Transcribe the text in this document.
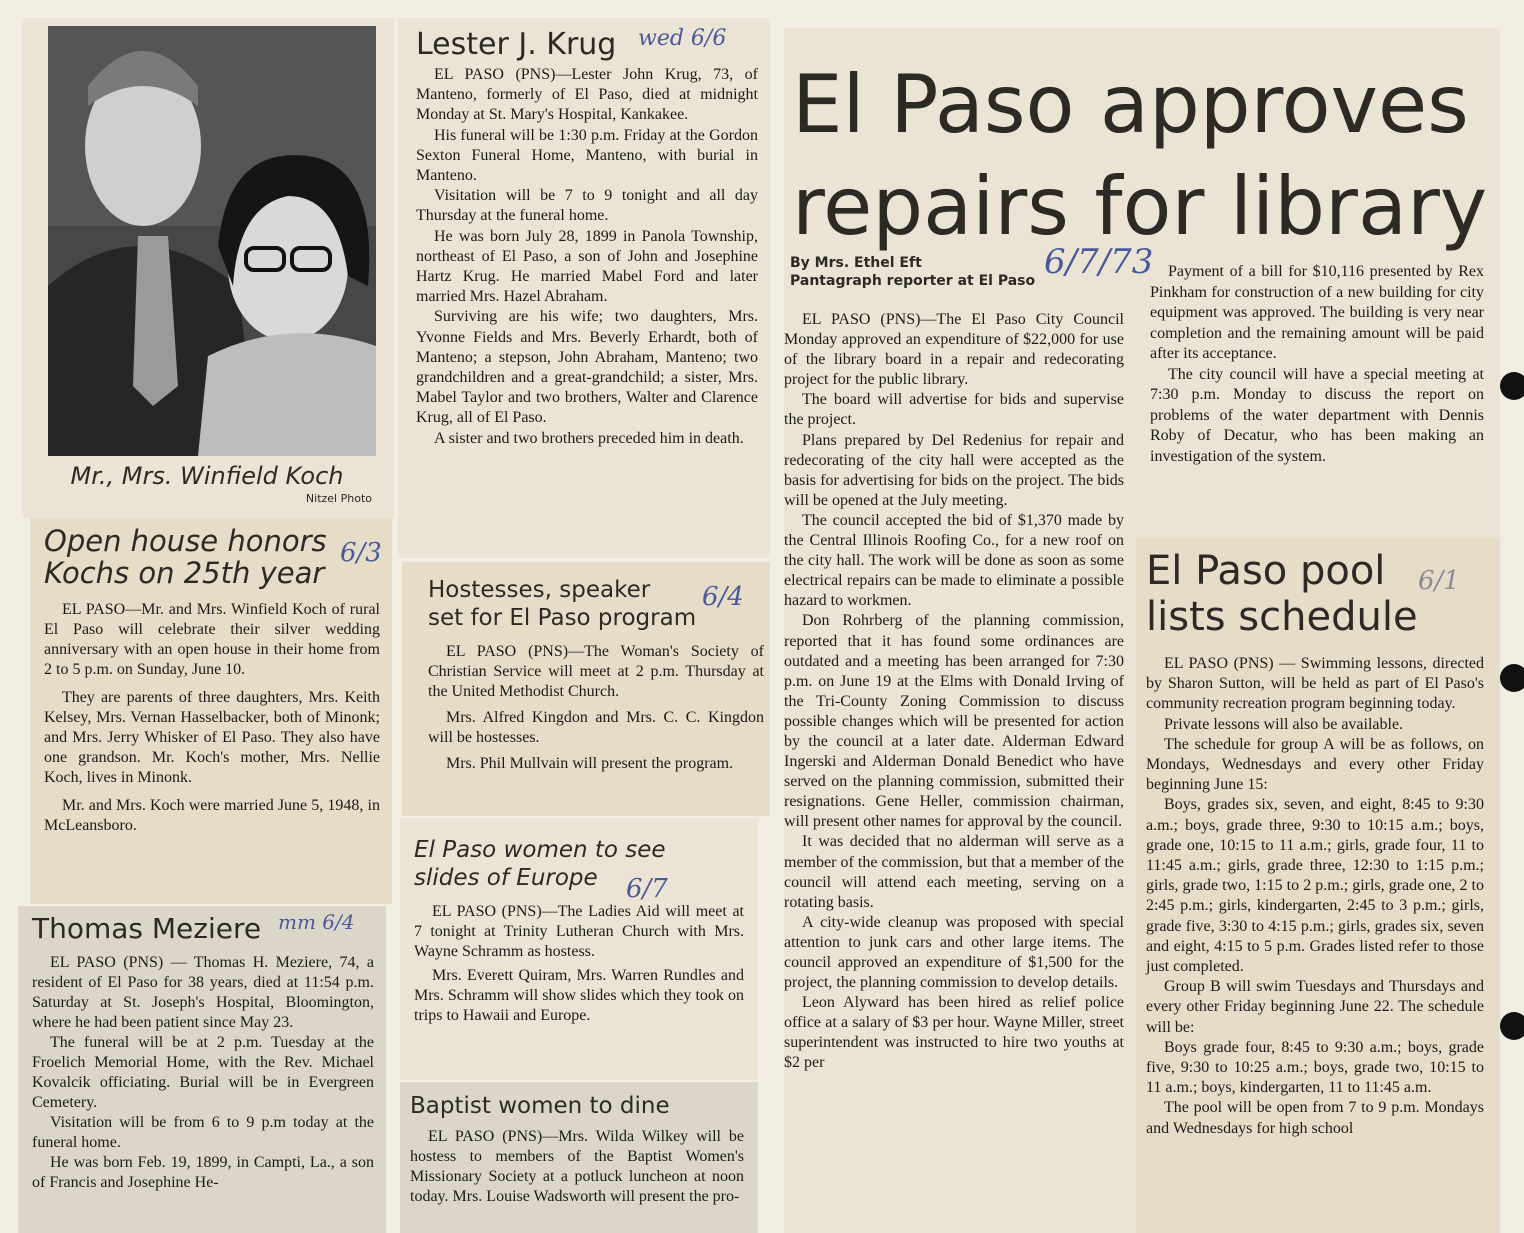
Mr., Mrs. Winfield Koch
Nitzel Photo
Open house honors
Kochs on 25th year
6/3

EL PASO—Mr. and Mrs. Winfield Koch of rural El Paso will celebrate their silver wedding anniversary with an open house in their home from 2 to 5 p.m. on Sunday, June 10.

They are parents of three daughters, Mrs. Keith Kelsey, Mrs. Vernan Hasselbacker, both of Minonk; and Mrs. Jerry Whisker of El Paso. They also have one grandson. Mr. Koch's mother, Mrs. Nellie Koch, lives in Minonk.

Mr. and Mrs. Koch were married June 5, 1948, in McLeansboro.

Thomas Meziere mm 6/4

EL PASO (PNS) — Thomas H. Meziere, 74, a resident of El Paso for 38 years, died at 11:54 p.m. Saturday at St. Joseph's Hospital, Bloomington, where he had been patient since May 23.

The funeral will be at 2 p.m. Tuesday at the Froelich Memorial Home, with the Rev. Michael Kovalcik officiating. Burial will be in Evergreen Cemetery.

Visitation will be from 6 to 9 p.m today at the funeral home.

He was born Feb. 19, 1899, in Campti, La., a son of Francis and Josephine He-

Lester J. Krug wed 6/6

EL PASO (PNS)—Lester John Krug, 73, of Manteno, formerly of El Paso, died at midnight Monday at St. Mary's Hospital, Kankakee.

His funeral will be 1:30 p.m. Friday at the Gordon Sexton Funeral Home, Manteno, with burial in Manteno.

Visitation will be 7 to 9 tonight and all day Thursday at the funeral home.

He was born July 28, 1899 in Panola Township, northeast of El Paso, a son of John and Josephine Hartz Krug. He married Mabel Ford and later married Mrs. Hazel Abraham.

Surviving are his wife; two daughters, Mrs. Yvonne Fields and Mrs. Beverly Erhardt, both of Manteno; a stepson, John Abraham, Manteno; two grandchildren and a great-grandchild; a sister, Mrs. Mabel Taylor and two brothers, Walter and Clarence Krug, all of El Paso.

A sister and two brothers preceded him in death.

Hostesses, speaker
set for El Paso program
6/4

EL PASO (PNS)—The Woman's Society of Christian Service will meet at 2 p.m. Thursday at the United Methodist Church.

Mrs. Alfred Kingdon and Mrs. C. C. Kingdon will be hostesses.

Mrs. Phil Mullvain will present the program.

El Paso women to see
slides of Europe	6/7

EL PASO (PNS)—The Ladies Aid will meet at 7 tonight at Trinity Lutheran Church with Mrs. Wayne Schramm as hostess.

Mrs. Everett Quiram, Mrs. Warren Rundles and Mrs. Schramm will show slides which they took on trips to Hawaii and Europe.

Baptist women to dine

EL PASO (PNS)—Mrs. Wilda Wilkey will be hostess to members of the Baptist Women's Missionary Society at a potluck luncheon at noon today. Mrs. Louise Wadsworth will present the pro-

El Paso approves
repairs for library
By Mrs. Ethel Eft
Pantagraph reporter at El Paso 6/7/73

EL PASO (PNS)—The El Paso City Council Monday approved an expenditure of $22,000 for use of the library board in a repair and redecorating project for the public library.

The board will advertise for bids and supervise the project.

Plans prepared by Del Redenius for repair and redecorating of the city hall were accepted as the basis for advertising for bids on the project. The bids will be opened at the July meeting.

The council accepted the bid of $1,370 made by the Central Illinois Roofing Co., for a new roof on the city hall. The work will be done as soon as some electrical repairs can be made to eliminate a possible hazard to workmen.

Don Rohrberg of the planning commission, reported that it has found some ordinances are outdated and a meeting has been arranged for 7:30 p.m. on June 19 at the Elms with Donald Irving of the Tri-County Zoning Commission to discuss possible changes which will be presented for action by the council at a later date. Alderman Edward Ingerski and Alderman Donald Benedict who have served on the planning commission, submitted their resignations. Gene Heller, commission chairman, will present other names for approval by the council.

It was decided that no alderman will serve as a member of the commission, but that a member of the council will attend each meeting, serving on a rotating basis.

A city-wide cleanup was proposed with special attention to junk cars and other large items. The council approved an expenditure of $1,500 for the project, the planning commission to develop details.

Leon Alyward has been hired as relief police office at a salary of $3 per hour. Wayne Miller, street superintendent was instructed to hire two youths at $2 per

Payment of a bill for $10,116 presented by Rex Pinkham for construction of a new building for city equipment was approved. The building is very near completion and the remaining amount will be paid after its acceptance.

The city council will have a special meeting at 7:30 p.m. Monday to discuss the report on problems of the water department with Dennis Roby of Decatur, who has been making an investigation of the system.

El Paso pool
lists schedule
6/1

EL PASO (PNS) — Swimming lessons, directed by Sharon Sutton, will be held as part of El Paso's community recreation program beginning today.

Private lessons will also be available.

The schedule for group A will be as follows, on Mondays, Wednesdays and every other Friday beginning June 15:

Boys, grades six, seven, and eight, 8:45 to 9:30 a.m.; boys, grade three, 9:30 to 10:15 a.m.; boys, grade one, 10:15 to 11 a.m.; girls, grade four, 11 to 11:45 a.m.; girls, grade three, 12:30 to 1:15 p.m.; girls, grade two, 1:15 to 2 p.m.; girls, grade one, 2 to 2:45 p.m.; girls, kindergarten, 2:45 to 3 p.m.; girls, grade five, 3:30 to 4:15 p.m.; girls, grades six, seven and eight, 4:15 to 5 p.m. Grades listed refer to those just completed.

Group B will swim Tuesdays and Thursdays and every other Friday beginning June 22. The schedule will be:

Boys grade four, 8:45 to 9:30 a.m.; boys, grade five, 9:30 to 10:25 a.m.; boys, grade two, 10:15 to 11 a.m.; boys, kindergarten, 11 to 11:45 a.m.

The pool will be open from 7 to 9 p.m. Mondays and Wednesdays for high school
